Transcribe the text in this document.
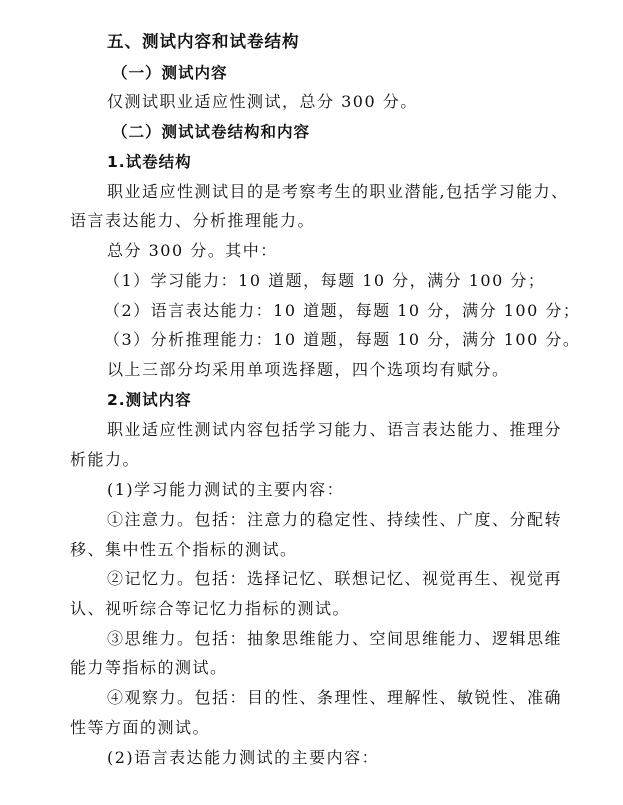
五、测试内容和试卷结构
（一）测试内容
仅测试职业适应性测试，总分 300 分。
（二）测试试卷结构和内容
1.试卷结构
职业适应性测试目的是考察考生的职业潜能,包括学习能力、
语言表达能力、分析推理能力。
总分 300 分。其中：
（1）学习能力：10 道题，每题 10 分，满分 100 分；
（2）语言表达能力：10 道题，每题 10 分，满分 100 分；
（3）分析推理能力：10 道题，每题 10 分，满分 100 分。
以上三部分均采用单项选择题，四个选项均有赋分。
2.测试内容
职业适应性测试内容包括学习能力、语言表达能力、推理分
析能力。
(1)学习能力测试的主要内容：
①注意力。包括：注意力的稳定性、持续性、广度、分配转
移、集中性五个指标的测试。
②记忆力。包括：选择记忆、联想记忆、视觉再生、视觉再
认、视听综合等记忆力指标的测试。
③思维力。包括：抽象思维能力、空间思维能力、逻辑思维
能力等指标的测试。
④观察力。包括：目的性、条理性、理解性、敏锐性、准确
性等方面的测试。
(2)语言表达能力测试的主要内容：
